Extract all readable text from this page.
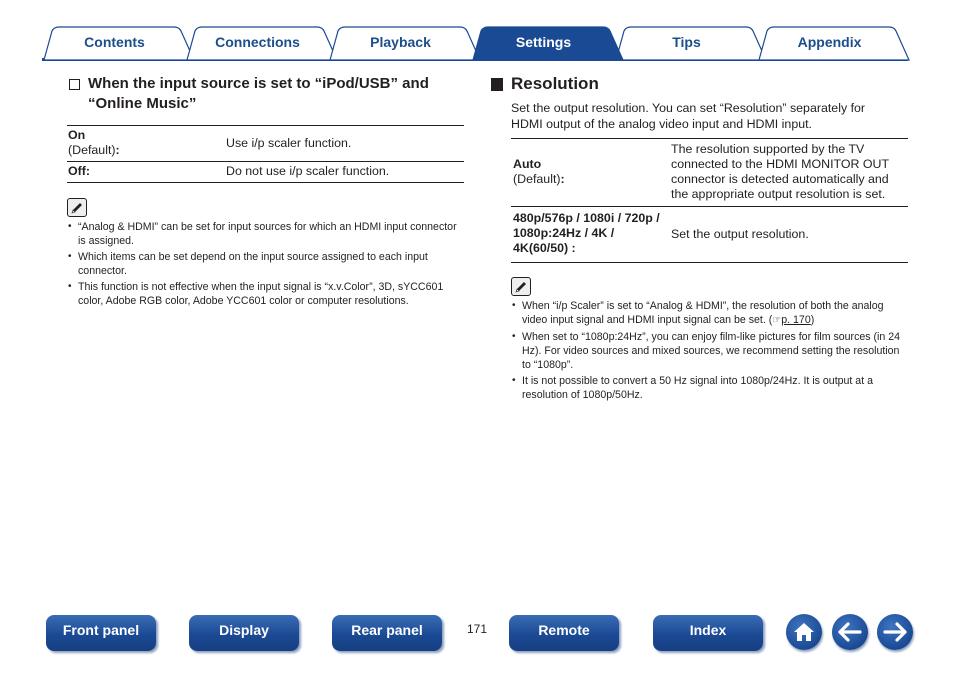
Contents	Connections	Playback	Settings	Tips	Appendix
When the input source is set to “iPod/USB” and
“Online Music”
On
(Default):	Use i/p scaler function.
Off:	Do not use i/p scaler function.
• “Analog & HDMI” can be set for input sources for which an HDMI input connector is assigned.
• Which items can be set depend on the input source assigned to each input connector.
• This function is not effective when the input signal is “x.v.Color”, 3D, sYCC601 color, Adobe RGB color, Adobe YCC601 color or computer resolutions.
Resolution
Set the output resolution. You can set “Resolution” separately for HDMI output of the analog video input and HDMI input.
Auto
(Default):	The resolution supported by the TV connected to the HDMI MONITOR OUT connector is detected automatically and the appropriate output resolution is set.
480p/576p / 1080i / 720p / 1080p:24Hz / 4K / 4K(60/50) :	Set the output resolution.
• When “i/p Scaler” is set to “Analog & HDMI”, the resolution of both the analog video input signal and HDMI input signal can be set. (☞p. 170)
• When set to “1080p:24Hz”, you can enjoy film-like pictures for film sources (in 24 Hz). For video sources and mixed sources, we recommend setting the resolution to “1080p”.
• It is not possible to convert a 50 Hz signal into 1080p/24Hz. It is output at a resolution of 1080p/50Hz.
Front panel	Display	Rear panel	171	Remote	Index
